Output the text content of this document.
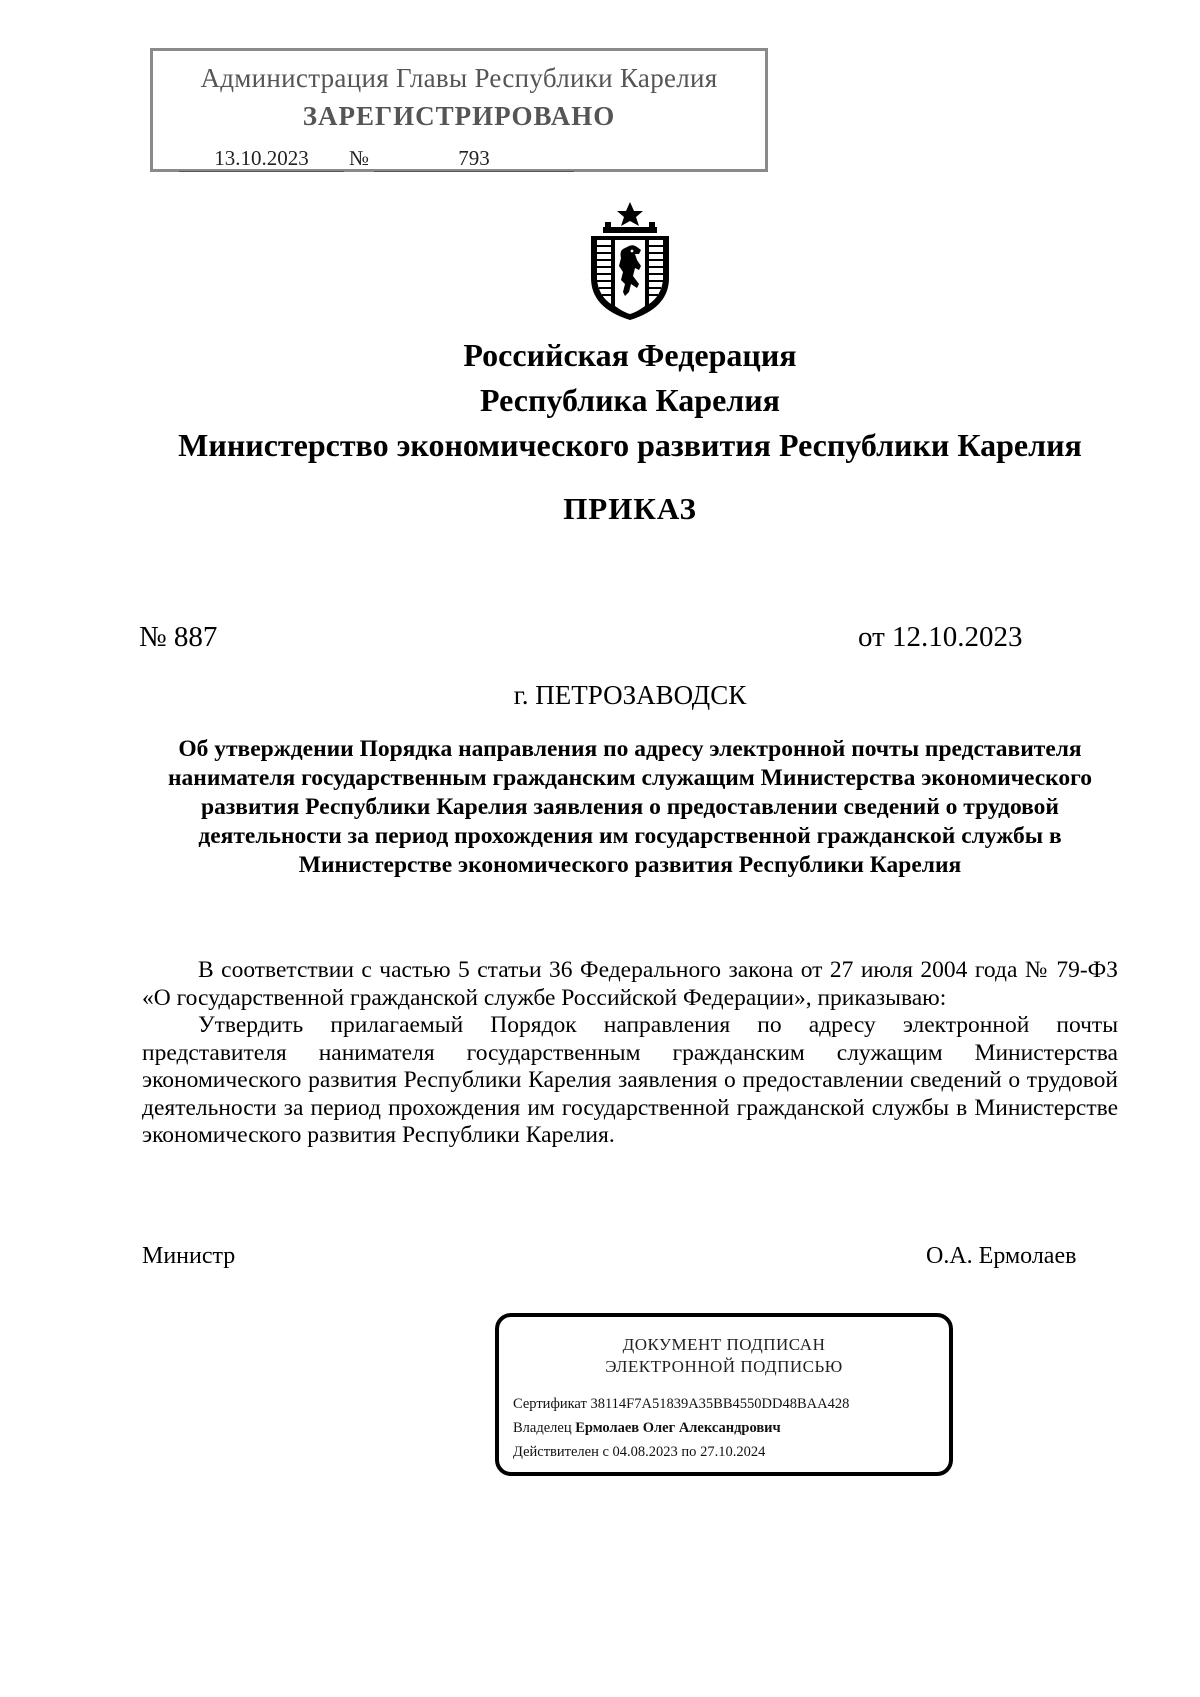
Администрация Главы Республики Карелия
ЗАРЕГИСТРИРОВАНО
13.10.2023	№	793
Российская Федерация
Республика Карелия
Министерство экономического развития Республики Карелия
ПРИКАЗ
№ 887	от 12.10.2023
г. ПЕТРОЗАВОДСК
Об утверждении Порядка направления по адресу электронной почты представителя нанимателя государственным гражданским служащим Министерства экономического развития Республики Карелия заявления о предоставлении сведений о трудовой деятельности за период прохождения им государственной гражданской службы в Министерстве экономического развития Республики Карелия

В соответствии с частью 5 статьи 36 Федерального закона от 27 июля 2004 года № 79-ФЗ «О государственной гражданской службе Российской Федерации», приказываю:

Утвердить прилагаемый Порядок направления по адресу электронной почты представителя нанимателя государственным гражданским служащим Министерства экономического развития Республики Карелия заявления о предоставлении сведений о трудовой деятельности за период прохождения им государственной гражданской службы в Министерстве экономического развития Республики Карелия.

Министр	О.А. Ермолаев
ДОКУМЕНТ ПОДПИСАН
ЭЛЕКТРОННОЙ ПОДПИСЬЮ
Сертификат 38114F7A51839A35BB4550DD48BAA428
Владелец Ермолаев Олег Александрович
Действителен с 04.08.2023 по 27.10.2024
